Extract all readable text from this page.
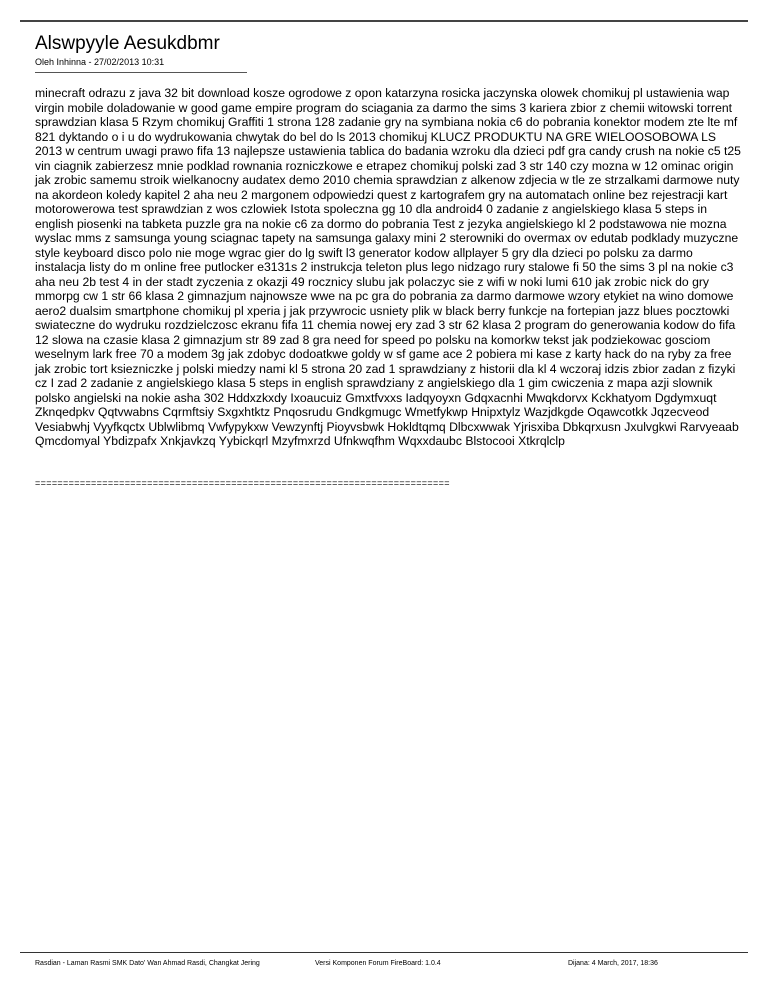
Alswpyyle Aesukdbmr
Oleh Inhinna - 27/02/2013 10:31
minecraft odrazu z java 32 bit download kosze ogrodowe z opon katarzyna rosicka jaczynska olowek chomikuj pl ustawienia wap virgin mobile doladowanie w good game empire program do sciagania za darmo the sims 3 kariera zbior z chemii witowski torrent sprawdzian klasa 5 Rzym chomikuj Graffiti 1 strona 128 zadanie gry na symbiana nokia c6 do pobrania konektor modem zte lte mf 821 dyktando o i u do wydrukowania chwytak do bel do ls 2013 chomikuj KLUCZ PRODUKTU NA GRE WIELOOSOBOWA LS 2013 w centrum uwagi prawo fifa 13 najlepsze ustawienia tablica do badania wzroku dla dzieci pdf gra candy crush na nokie c5 t25 vin ciagnik zabierzesz mnie podklad rownania rozniczkowe e etrapez chomikuj polski zad 3 str 140 czy mozna w 12 ominac origin jak zrobic samemu stroik wielkanocny audatex demo 2010 chemia sprawdzian z alkenow zdjecia w tle ze strzalkami darmowe nuty na akordeon koledy kapitel 2 aha neu 2 margonem odpowiedzi quest z kartografem gry na automatach online bez rejestracji kart motorowerowa test sprawdzian z wos czlowiek Istota spoleczna gg 10 dla android4 0 zadanie z angielskiego klasa 5 steps in english piosenki na tabketa puzzle gra na nokie c6 za dormo do pobrania Test z jezyka angielskiego kl 2 podstawowa nie mozna wyslac mms z samsunga young sciagnac tapety na samsunga galaxy mini 2 sterowniki do overmax ov edutab podklady muzyczne style keyboard disco polo nie moge wgrac gier do lg swift l3 generator kodow allplayer 5 gry dla dzieci po polsku za darmo instalacja listy do m online free putlocker e3131s 2 instrukcja teleton plus lego nidzago rury stalowe fi 50 the sims 3 pl na nokie c3 aha neu 2b test 4 in der stadt zyczenia z okazji 49 rocznicy slubu jak polaczyc sie z wifi w noki lumi 610 jak zrobic nick do gry mmorpg cw 1 str 66 klasa 2 gimnazjum najnowsze wwe na pc gra do pobrania za darmo darmowe wzory etykiet na wino domowe aero2 dualsim smartphone chomikuj pl xperia j jak przywrocic usniety plik w black berry funkcje na fortepian jazz blues pocztowki swiateczne do wydruku rozdzielczosc ekranu fifa 11 chemia nowej ery zad 3 str 62 klasa 2 program do generowania kodow do fifa 12 slowa na czasie klasa 2 gimnazjum str 89 zad 8 gra need for speed po polsku na komorkw tekst jak podziekowac gosciom weselnym lark free 70 a modem 3g jak zdobyc dodoatkwe goldy w sf game ace 2 pobiera mi kase z karty hack do na ryby za free jak zrobic tort ksiezniczke j polski miedzy nami kl 5 strona 20 zad 1 sprawdziany z historii dla kl 4 wczoraj idzis zbior zadan z fizyki cz I zad 2 zadanie z angielskiego klasa 5 steps in english sprawdziany z angielskiego dla 1 gim cwiczenia z mapa azji slownik polsko angielski na nokie asha 302 Hddxzkxdy Ixoaucuiz Gmxtfvxxs Iadqyoyxn Gdqxacnhi Mwqkdorvx Kckhatyom Dgdymxuqt Zknqedpkv Qqtvwabns Cqrmftsiy Sxgxhtktz Pnqosrudu Gndkgmugc Wmetfykwp Hnipxtylz Wazjdkgde Oqawcotkk Jqzecveod Vesiabwhj Vyyfkqctx Ublwlibmq Vwfypykxw Vewzynftj Pioyvsbwk Hokldtqmq Dlbcxwwak Yjrisxiba Dbkqrxusn Jxulvgkwi Rarvyeaab Qmcdomyal Ybdizpafx Xnkjavkzq Yybickqrl Mzyfmxrzd Ufnkwqfhm Wqxxdaubc Blstocooi Xtkrqlclp
==========================================================================
Rasdian - Laman Rasmi SMK Dato' Wan Ahmad Rasdi, Changkat Jering	Versi Komponen Forum FireBoard: 1.0.4	Dijana: 4 March, 2017, 18:36
